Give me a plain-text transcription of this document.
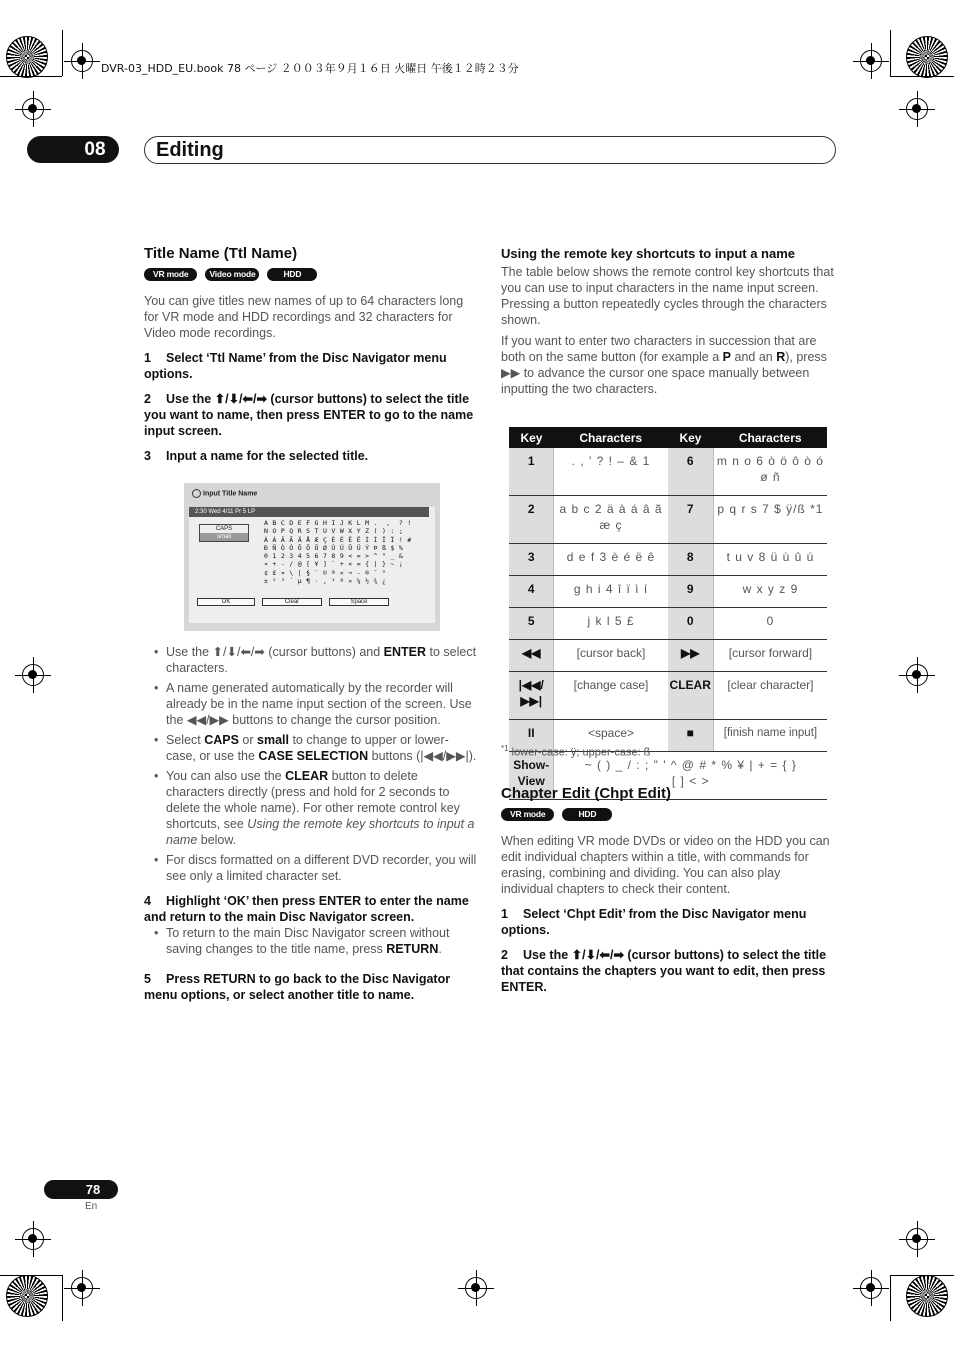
DVR-03_HDD_EU.book 78 ページ ２００３年９月１６日 火曜日 午後１２時２３分
08	Editing
Title Name (Ttl Name)
VR mode	Video mode	HDD
You can give titles new names of up to 64 characters long for VR mode and HDD recordings and 32 characters for Video mode recordings.
1 Select ‘Ttl Name’ from the Disc Navigator menu options.
2 Use the ⬆/⬇/⬅/➡ (cursor buttons) to select the title you want to name, then press ENTER to go to the name input screen.
3 Input a name for the selected title.
Input Title Name
2:30 Wed 4/11 Pr 5 LP
CAPS
small
A B C D E F G H I J K L M .  ,  ? !
N O P Q R S T U V W X Y Z ( ) : ;
À Á Â Ã Ä Å Æ Ç È É Ê Ë Ì Í Î Ï ! #
Ð Ñ Ò Ó Ô Õ Ö Ø Ù Ú Û Ü Ý Þ ß $ %
0 1 2 3 4 5 6 7 8 9 < = > ^ " _ &
¤ + - / @ [ ¥ ] ` + × = { | } ~ ¡
¢ £ ¤ \ | § ¨ © ª « ¬ - ® ¯ °
± ² ³ ´ µ ¶ · , ¹ º » ¼ ½ ¾ ¿
OK	Clear	Space
• Use the ⬆/⬇/⬅/➡ (cursor buttons) and ENTER to select characters.
• A name generated automatically by the recorder will already be in the name input section of the screen. Use the ◀◀/▶▶ buttons to change the cursor position.
• Select CAPS or small to change to upper or lower-case, or use the CASE SELECTION buttons (|◀◀/▶▶|).
• You can also use the CLEAR button to delete characters directly (press and hold for 2 seconds to delete the whole name). For other remote control key shortcuts, see Using the remote key shortcuts to input a name below.
• For discs formatted on a different DVD recorder, you will see only a limited character set.
4 Highlight ‘OK’ then press ENTER to enter the name and return to the main Disc Navigator screen.
• To return to the main Disc Navigator screen without saving changes to the title name, press RETURN.
5 Press RETURN to go back to the Disc Navigator menu options, or select another title to name.
Using the remote key shortcuts to input a name
The table below shows the remote control key shortcuts that you can use to input characters in the name input screen. Pressing a button repeatedly cycles through the characters shown.
If you want to enter two characters in succession that are both on the same button (for example a P and an R), press ▶▶ to advance the cursor one space manually between inputting the two characters.
Key	Characters	Key	Characters
1	. , ' ? ! – & 1	6	m n o 6 ò ö ô ò ó ø ñ
2	a b c 2 ä à á â ã æ ç	7	p q r s 7 $ ÿ/ß *1
3	d e f 3 è é ë ê	8	t u v 8 ü ù û ú
4	g h i 4 î ï ì í	9	w x y z 9
5	j k l 5 £	0	0
◀◀	[cursor back]	▶▶	[cursor forward]
|◀◀/ ▶▶|	[change case]	CLEAR	[clear character]
II	<space>	■	[finish name input]
Show-View	~ ( ) _ / : ; " ' ^ @ # * % ¥ | + = { } [ ] < >		
$^{*1}$ lower-case: ÿ; upper-case: ß
Chapter Edit (Chpt Edit)
VR mode	HDD
When editing VR mode DVDs or video on the HDD you can edit individual chapters within a title, with commands for erasing, combining and dividing. You can also play individual chapters to check their content.
1 Select ‘Chpt Edit’ from the Disc Navigator menu options.
2 Use the ⬆/⬇/⬅/➡ (cursor buttons) to select the title that contains the chapters you want to edit, then press ENTER.
78
En
